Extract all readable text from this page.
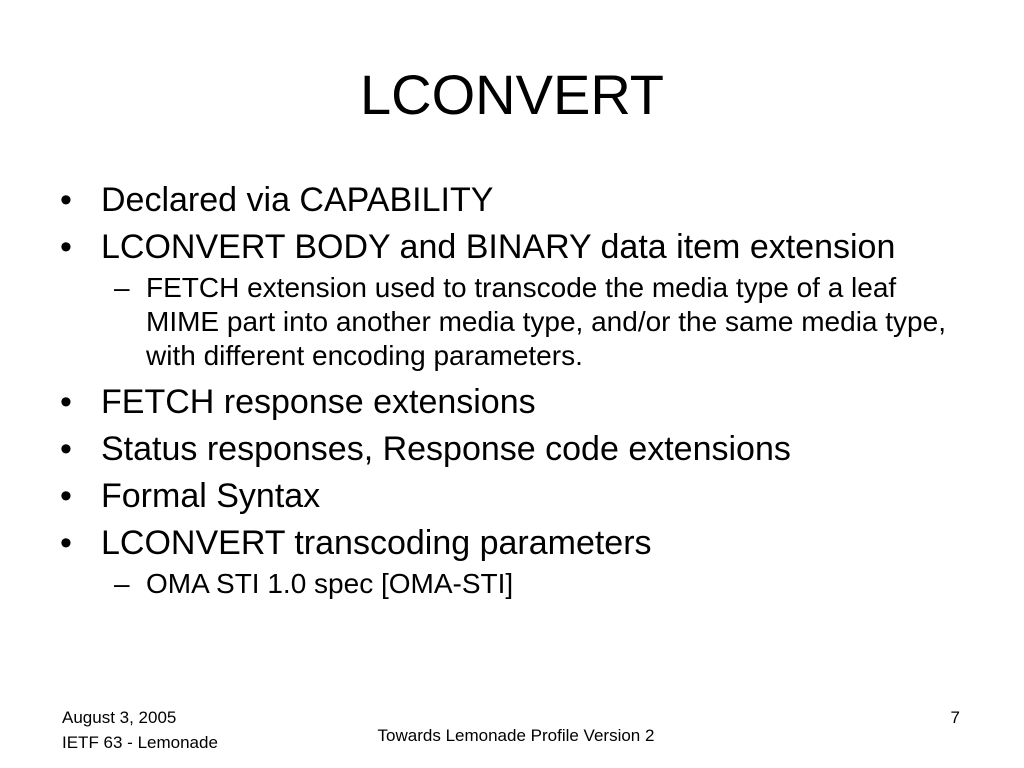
LCONVERT
• Declared via CAPABILITY
• LCONVERT BODY and BINARY data item extension
– FETCH extension used to transcode the media type of a leaf MIME part into another media type, and/or the same media type, with different encoding parameters.
• FETCH response extensions
• Status responses, Response code extensions
• Formal Syntax
• LCONVERT transcoding parameters
– OMA STI 1.0 spec [OMA-STI]
August 3, 2005
IETF 63 - Lemonade	Towards Lemonade Profile Version 2
7
